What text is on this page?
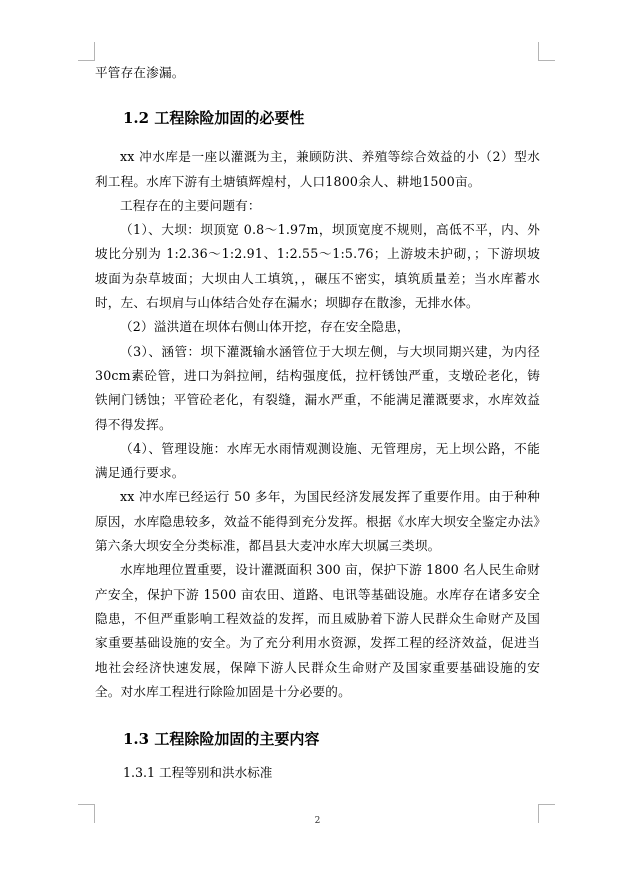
平管存在渗漏。

1.2 工程除险加固的必要性

xx 冲水库是一座以灌溉为主，兼顾防洪、养殖等综合效益的小（2）型水利工程。水库下游有土塘镇辉煌村，人口1800余人、耕地1500亩。

工程存在的主要问题有：

（1）、大坝：坝顶宽 0.8～1.97m，坝顶宽度不规则，高低不平，内、外坡比分别为 1:2.36～1:2.91、1:2.55～1:5.76；上游坡未护砌，；下游坝坡坡面为杂草坡面；大坝由人工填筑，，碾压不密实，填筑质量差；当水库蓄水时，左、右坝肩与山体结合处存在漏水；坝脚存在散渗，无排水体。

（2）溢洪道在坝体右侧山体开挖，存在安全隐患，

（3）、涵管：坝下灌溉输水涵管位于大坝左侧，与大坝同期兴建，为内径30cm素砼管，进口为斜拉闸，结构强度低，拉杆锈蚀严重，支墩砼老化，铸铁闸门锈蚀；平管砼老化，有裂缝，漏水严重，不能满足灌溉要求，水库效益得不得发挥。

（4）、管理设施：水库无水雨情观测设施、无管理房，无上坝公路，不能满足通行要求。

xx 冲水库已经运行 50 多年，为国民经济发展发挥了重要作用。由于种种原因，水库隐患较多，效益不能得到充分发挥。根据《水库大坝安全鉴定办法》第六条大坝安全分类标准，都昌县大麦冲水库大坝属三类坝。

水库地理位置重要，设计灌溉面积 300 亩，保护下游 1800 名人民生命财产安全，保护下游 1500 亩农田、道路、电讯等基础设施。水库存在诸多安全隐患，不但严重影响工程效益的发挥，而且威胁着下游人民群众生命财产及国家重要基础设施的安全。为了充分利用水资源，发挥工程的经济效益，促进当地社会经济快速发展，保障下游人民群众生命财产及国家重要基础设施的安全。对水库工程进行除险加固是十分必要的。

1.3 工程除险加固的主要内容
1.3.1 工程等别和洪水标准
2
